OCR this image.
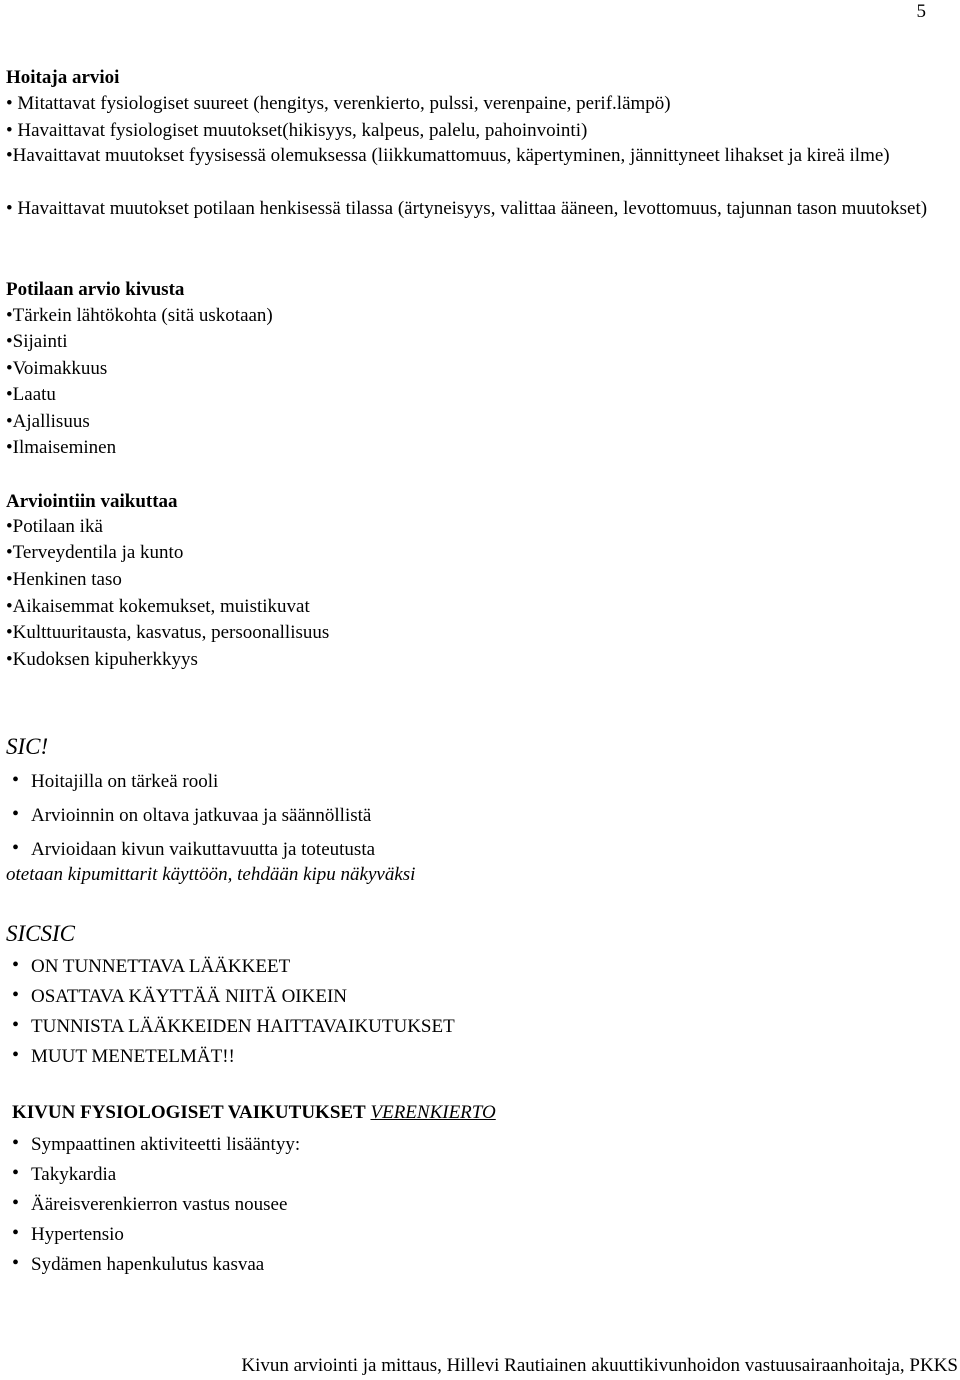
5
Hoitaja arvioi
• Mitattavat fysiologiset suureet (hengitys, verenkierto, pulssi, verenpaine, perif.lämpö)
• Havaittavat fysiologiset muutokset(hikisyys, kalpeus, palelu, pahoinvointi)
•Havaittavat muutokset fyysisessä olemuksessa (liikkumattomuus, käpertyminen, jännittyneet lihakset ja kireä ilme)
• Havaittavat muutokset potilaan henkisessä tilassa (ärtyneisyys, valittaa ääneen, levottomuus, tajunnan tason muutokset)
Potilaan arvio kivusta
•Tärkein lähtökohta (sitä uskotaan)
•Sijainti
•Voimakkuus
•Laatu
•Ajallisuus
•Ilmaiseminen
Arviointiin vaikuttaa
•Potilaan ikä
•Terveydentila ja kunto
•Henkinen taso
•Aikaisemmat kokemukset, muistikuvat
•Kulttuuritausta, kasvatus, persoonallisuus
•Kudoksen kipuherkkyys
SIC!
• Hoitajilla on tärkeä rooli
• Arvioinnin on oltava jatkuvaa ja säännöllistä
• Arvioidaan kivun vaikuttavuutta ja toteutusta
otetaan kipumittarit käyttöön, tehdään kipu näkyväksi
SICSIC
• ON TUNNETTAVA LÄÄKKEET
• OSATTAVA KÄYTTÄÄ NIITÄ OIKEIN
• TUNNISTA LÄÄKKEIDEN HAITTAVAIKUTUKSET
• MUUT MENETELMÄT!!
KIVUN FYSIOLOGISET VAIKUTUKSET VERENKIERTO
• Sympaattinen aktiviteetti lisääntyy:
• Takykardia
• Ääreisverenkierron vastus nousee
• Hypertensio
• Sydämen hapenkulutus kasvaa
Kivun arviointi ja mittaus, Hillevi Rautiainen akuuttikivunhoidon vastuusairaanhoitaja, PKKS
